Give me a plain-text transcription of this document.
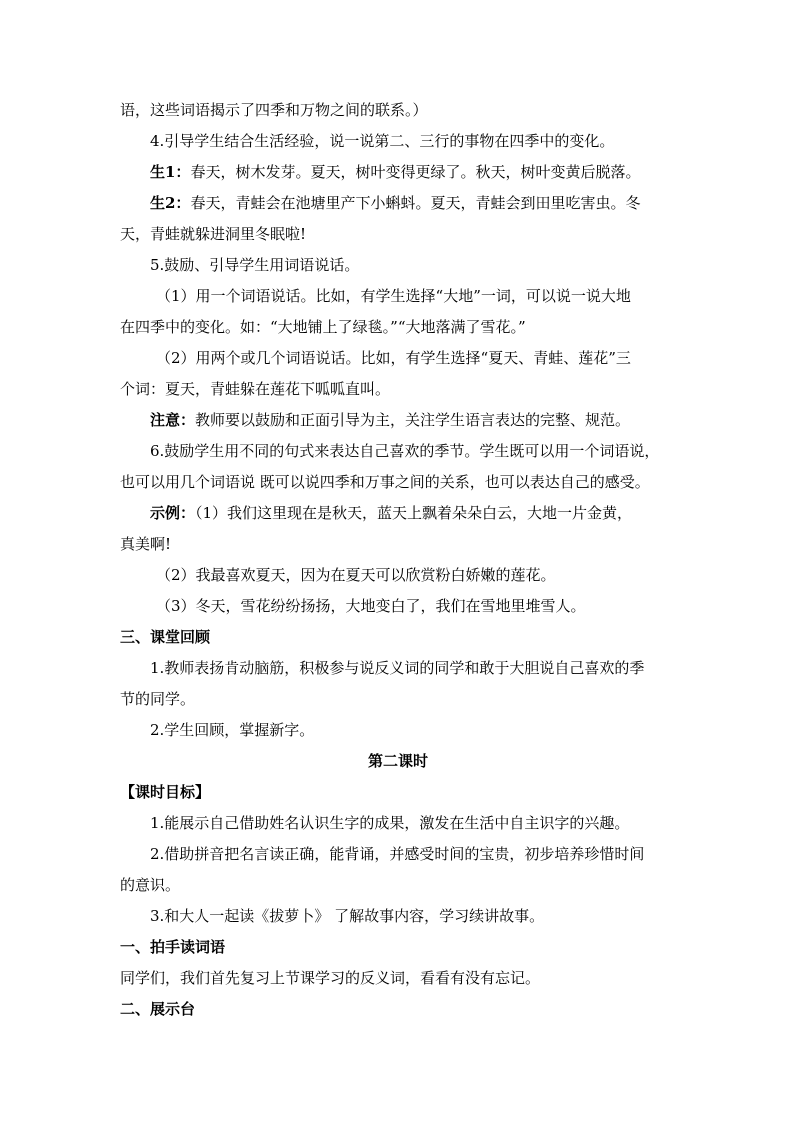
语，这些词语揭示了四季和万物之间的联系。）

4.引导学生结合生活经验，说一说第二、三行的事物在四季中的变化。

生1：春天，树木发芽。夏天，树叶变得更绿了。秋天，树叶变黄后脱落。

生2：春天，青蛙会在池塘里产下小蝌蚪。夏天，青蛙会到田里吃害虫。冬

天，青蛙就躲进洞里冬眠啦!

5.鼓励、引导学生用词语说话。

（1）用一个词语说话。比如，有学生选择“大地”一词，可以说一说大地

在四季中的变化。如：“大地铺上了绿毯。”“大地落满了雪花。”

（2）用两个或几个词语说话。比如，有学生选择“夏天、青蛙、莲花”三

个词：夏天，青蛙躲在莲花下呱呱直叫。

注意：教师要以鼓励和正面引导为主，关注学生语言表达的完整、规范。

6.鼓励学生用不同的句式来表达自己喜欢的季节。学生既可以用一个词语说，

也可以用几个词语说 既可以说四季和万事之间的关系，也可以表达自己的感受。

示例：（1）我们这里现在是秋天，蓝天上飘着朵朵白云，大地一片金黄，

真美啊!

（2）我最喜欢夏天，因为在夏天可以欣赏粉白娇嫩的莲花。

（3）冬天，雪花纷纷扬扬，大地变白了，我们在雪地里堆雪人。

三、课堂回顾

1.教师表扬肯动脑筋，积极参与说反义词的同学和敢于大胆说自己喜欢的季

节的同学。

2.学生回顾，掌握新字。

第二课时

【课时目标】

1.能展示自己借助姓名认识生字的成果，激发在生活中自主识字的兴趣。

2.借助拼音把名言读正确，能背诵，并感受时间的宝贵，初步培养珍惜时间

的意识。

3.和大人一起读《拔萝卜》 了解故事内容，学习续讲故事。

一、拍手读词语

同学们，我们首先复习上节课学习的反义词，看看有没有忘记。

二、展示台
